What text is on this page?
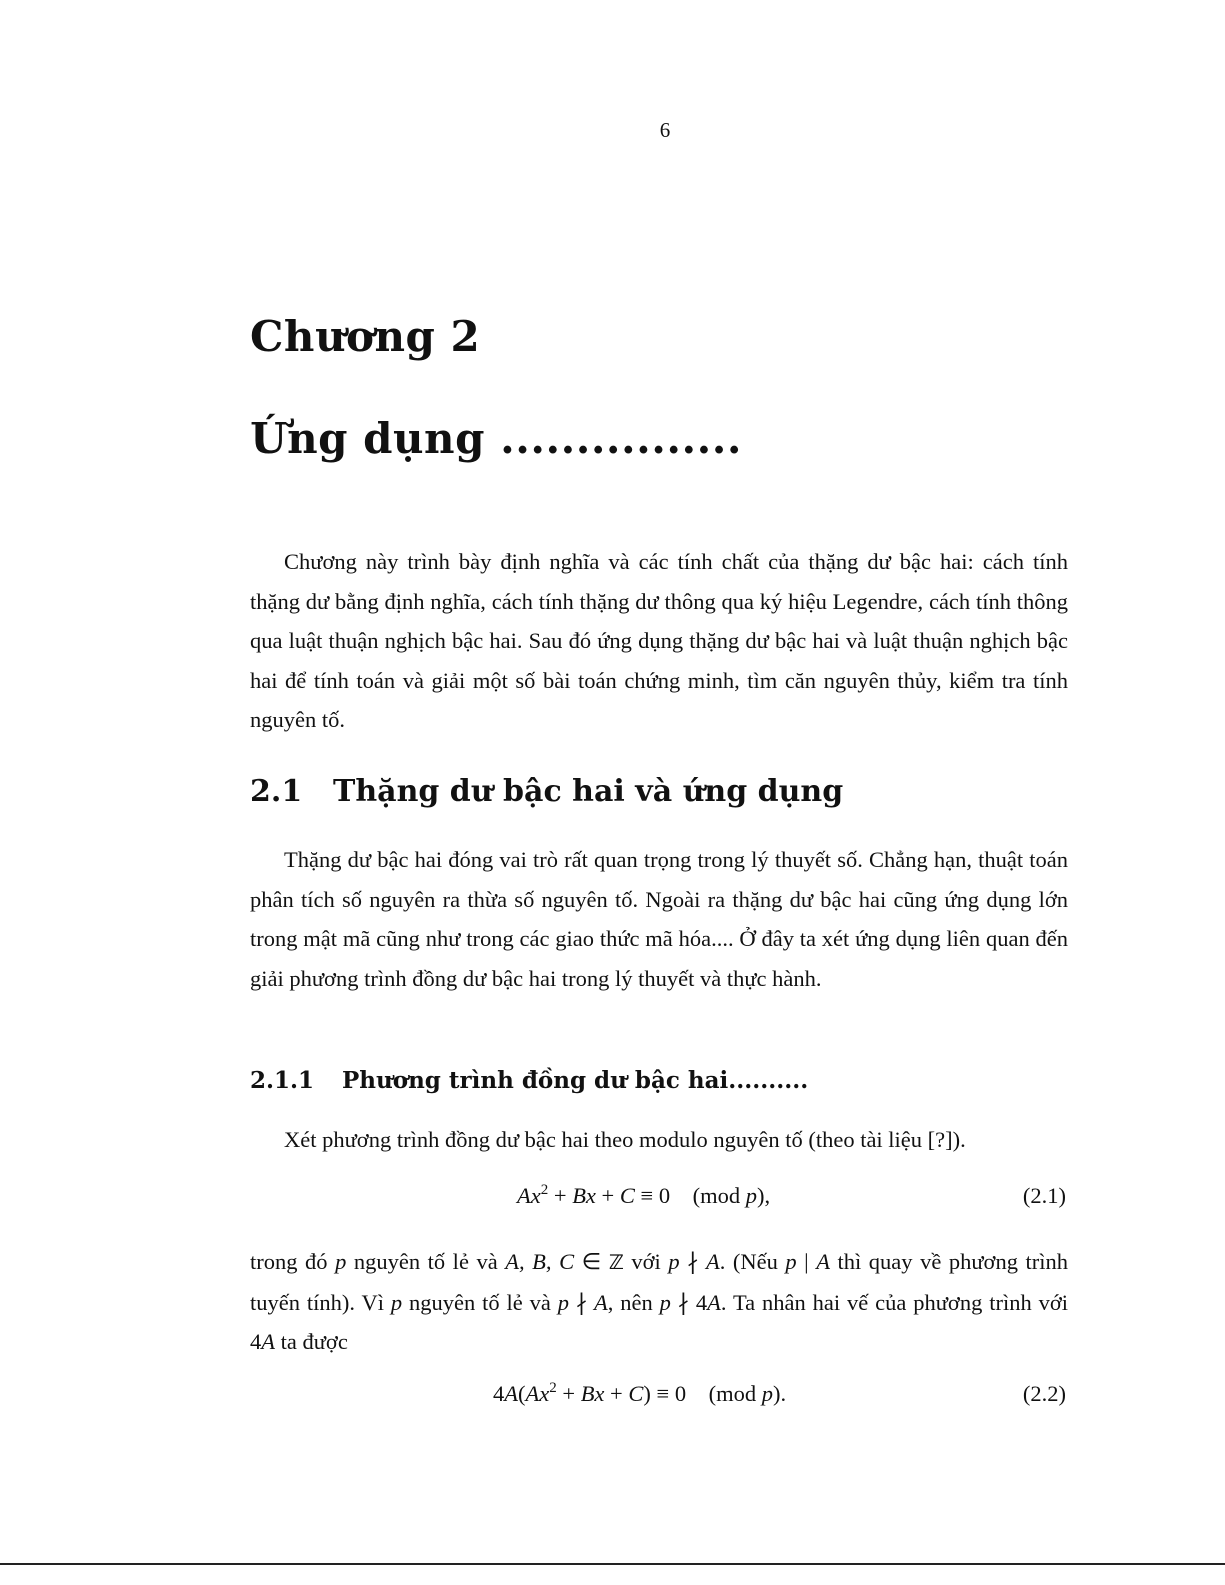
6
Chương 2
Ứng dụng ................

Chương này trình bày định nghĩa và các tính chất của thặng dư bậc hai: cách tính thặng dư bằng định nghĩa, cách tính thặng dư thông qua ký hiệu Legendre, cách tính thông qua luật thuận nghịch bậc hai. Sau đó ứng dụng thặng dư bậc hai và luật thuận nghịch bậc hai để tính toán và giải một số bài toán chứng minh, tìm căn nguyên thủy, kiểm tra tính nguyên tố.

2.1 Thặng dư bậc hai và ứng dụng

Thặng dư bậc hai đóng vai trò rất quan trọng trong lý thuyết số. Chẳng hạn, thuật toán phân tích số nguyên ra thừa số nguyên tố. Ngoài ra thặng dư bậc hai cũng ứng dụng lớn trong mật mã cũng như trong các giao thức mã hóa.... Ở đây ta xét ứng dụng liên quan đến giải phương trình đồng dư bậc hai trong lý thuyết và thực hành.

2.1.1 Phương trình đồng dư bậc hai..........

Xét phương trình đồng dư bậc hai theo modulo nguyên tố (theo tài liệu [?]).

$Ax^2 + Bx + C \equiv 0$    (mod p),	(2.1)

trong đó p nguyên tố lẻ và A, B, C ∈ ℤ với p ∤ A. (Nếu p | A thì quay về phương trình tuyến tính). Vì p nguyên tố lẻ và p ∤ A, nên p ∤ 4A. Ta nhân hai vế của phương trình với 4A ta được

$4A(Ax^2 + Bx + C) \equiv 0$    (mod p).	(2.2)
